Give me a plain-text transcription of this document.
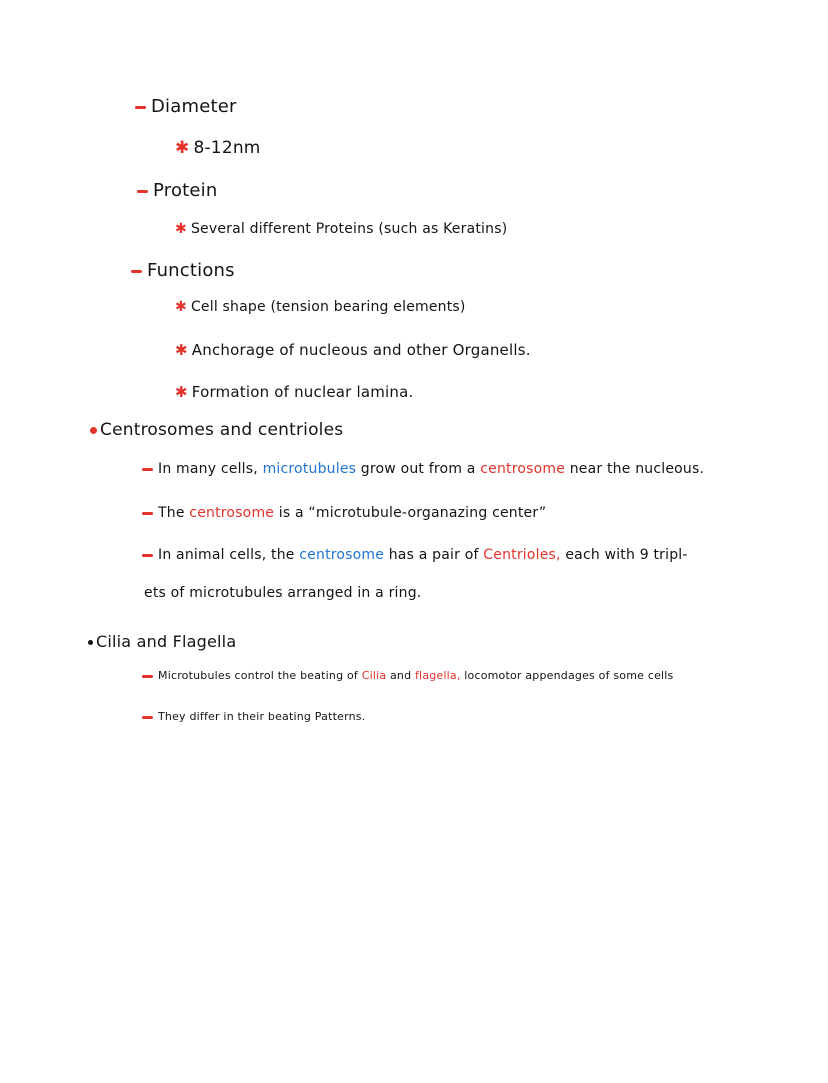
Diameter
✱ 8-12nm
Protein
✱ Several different Proteins (such as Keratins)
Functions
✱ Cell shape (tension bearing elements)
✱ Anchorage of nucleous and other Organells.
✱ Formation of nuclear lamina.
Centrosomes and centrioles
In many cells, microtubules grow out from a centrosome near the nucleous.
The centrosome is a “microtubule-organazing center”
In animal cells, the centrosome has a pair of Centrioles, each with 9 tripl-
ets of microtubules arranged in a ring.
Cilia and Flagella
Microtubules control the beating of Cilia and flagella, locomotor appendages of some cells
They differ in their beating Patterns.
